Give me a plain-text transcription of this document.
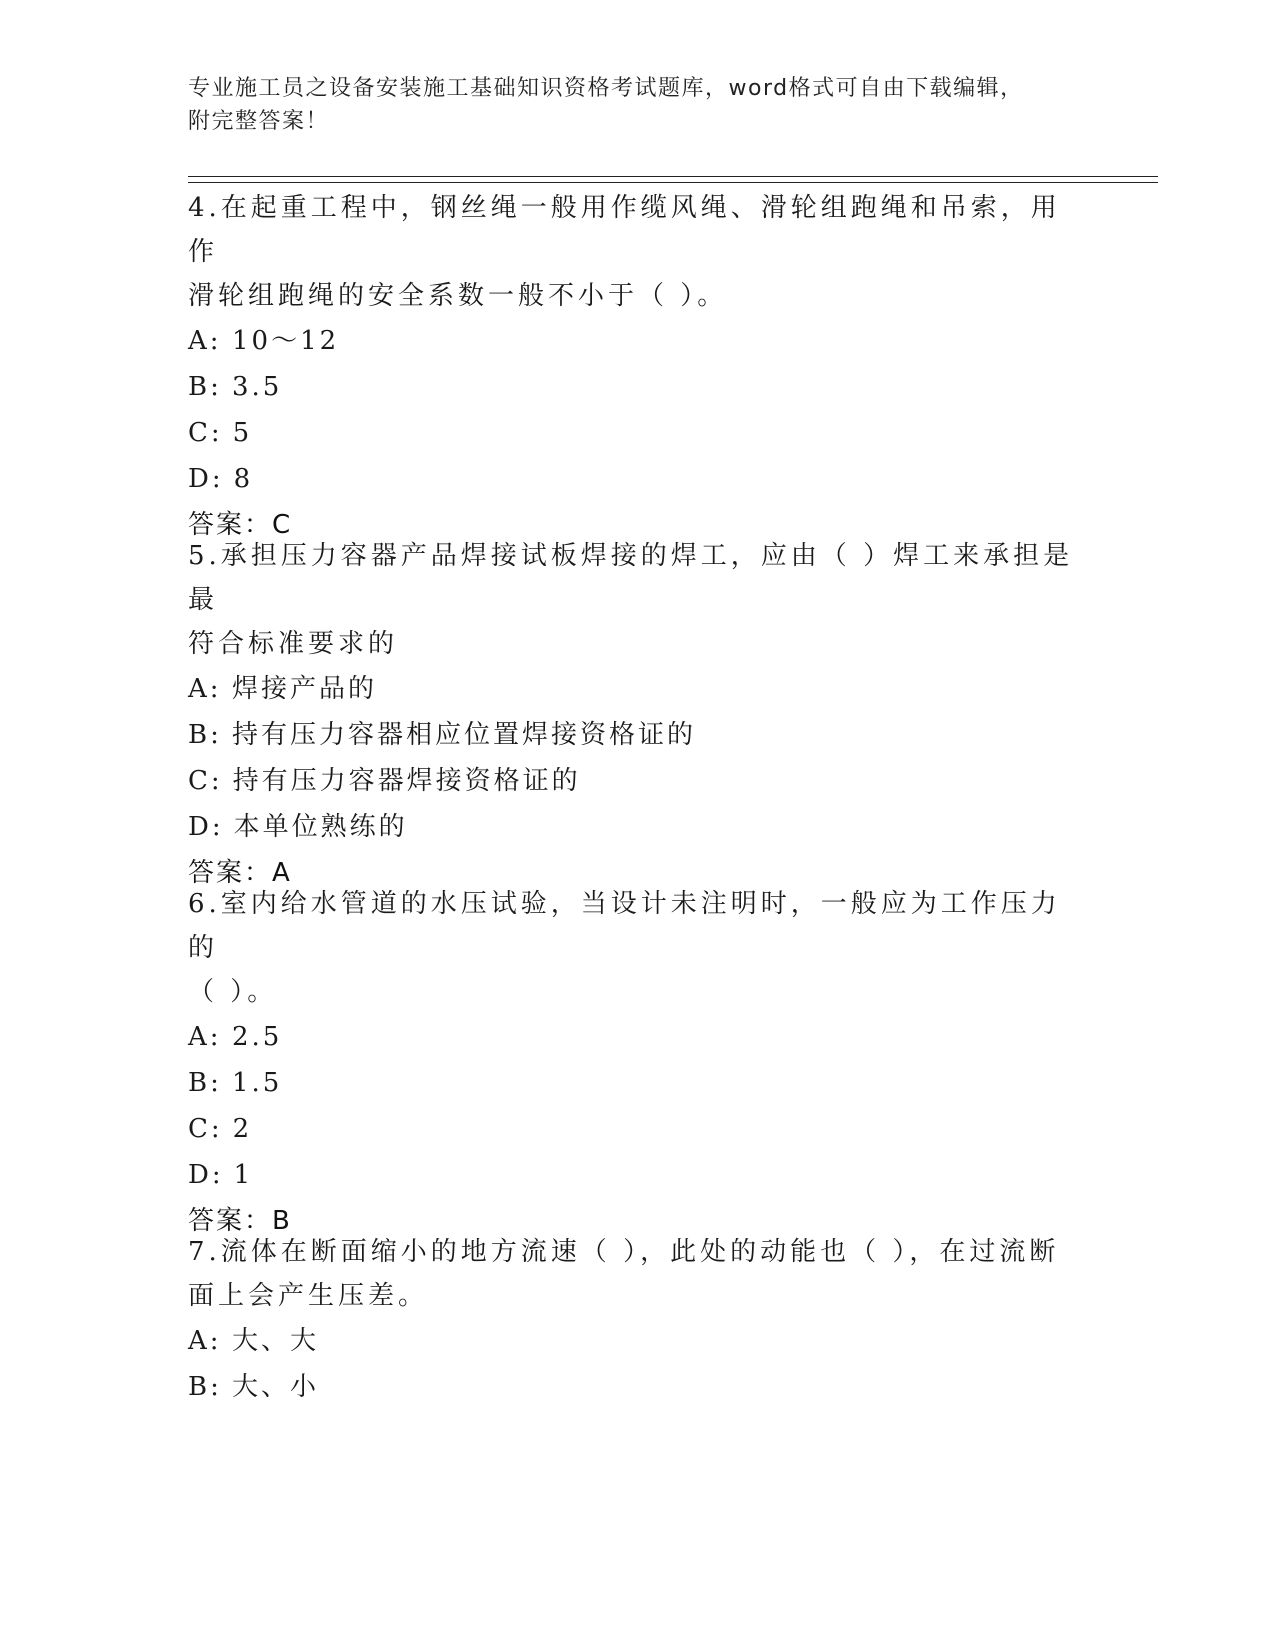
专业施工员之设备安装施工基础知识资格考试题库，word格式可自由下载编辑，
附完整答案！
4.在起重工程中，钢丝绳一般用作缆风绳、滑轮组跑绳和吊索，用作
滑轮组跑绳的安全系数一般不小于（ ）。
A: 10～12
B: 3.5
C: 5
D: 8
答案：C
5.承担压力容器产品焊接试板焊接的焊工，应由（ ）焊工来承担是最
符合标准要求的
A: 焊接产品的
B: 持有压力容器相应位置焊接资格证的
C: 持有压力容器焊接资格证的
D: 本单位熟练的
答案：A
6.室内给水管道的水压试验，当设计未注明时，一般应为工作压力的
（ ）。
A: 2.5
B: 1.5
C: 2
D: 1
答案：B
7.流体在断面缩小的地方流速（ ），此处的动能也（ ），在过流断
面上会产生压差。
A: 大、大
B: 大、小
